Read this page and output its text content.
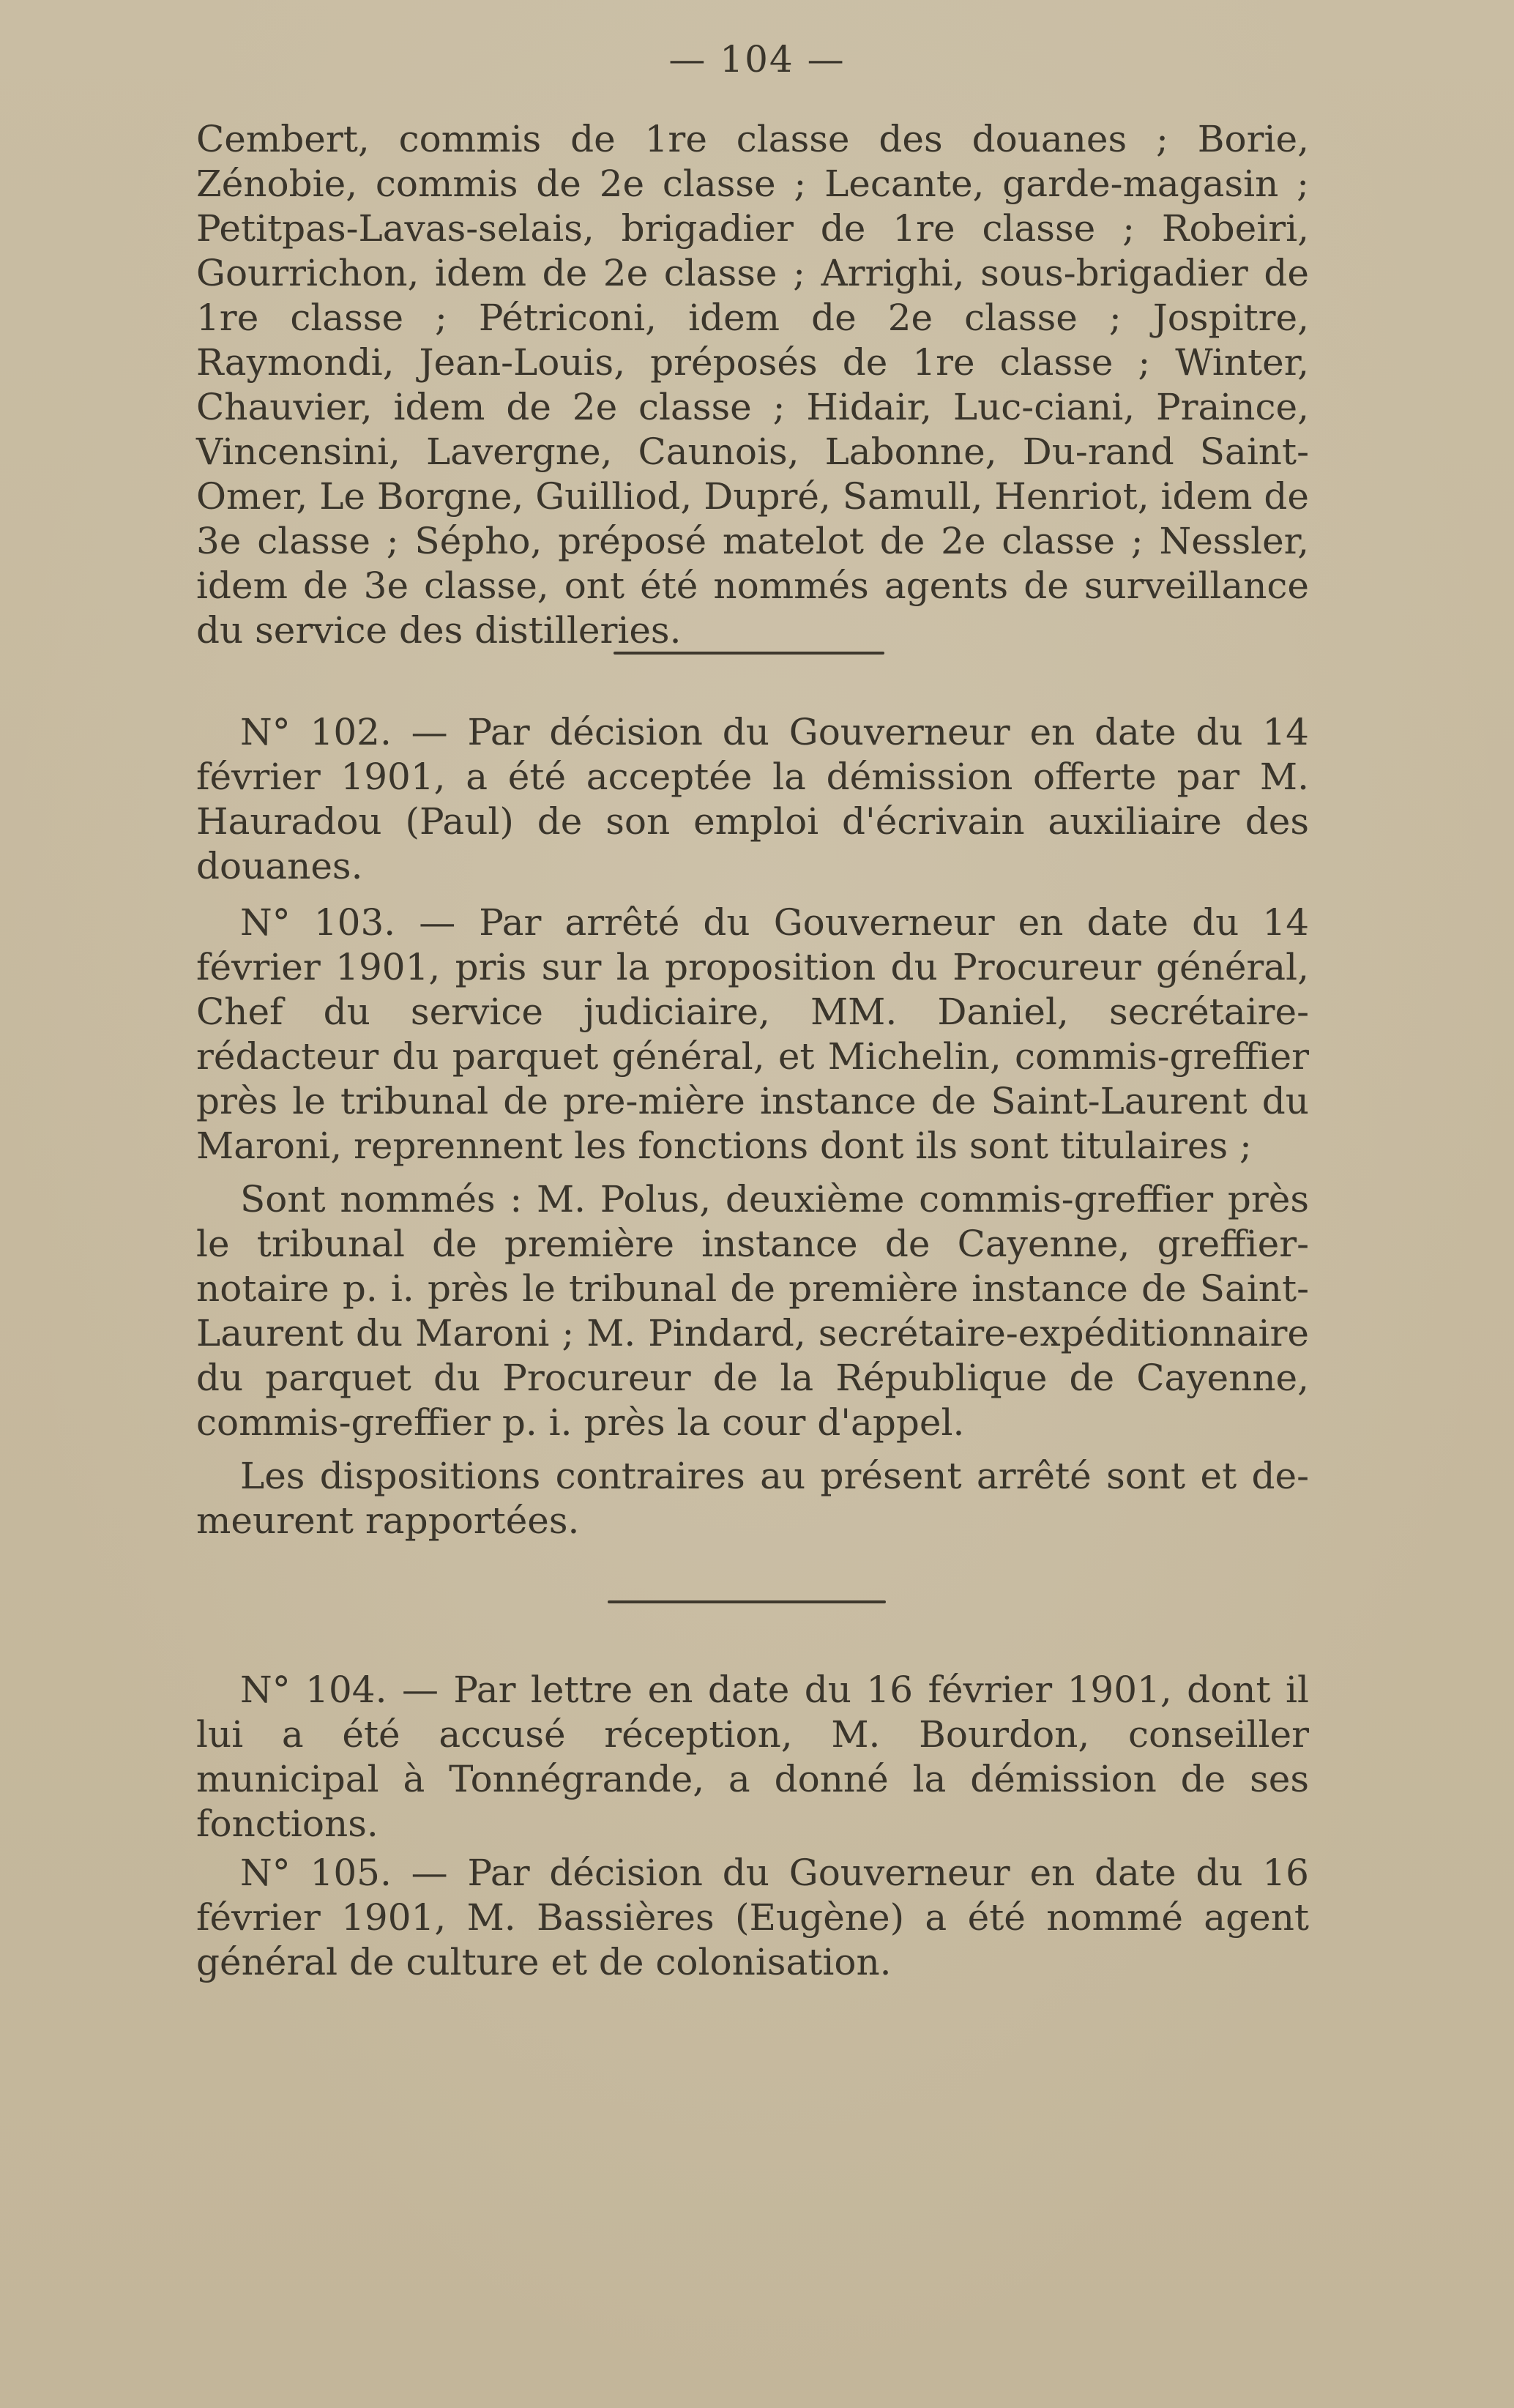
— 104 —

Cembert, commis de 1re classe des douanes ; Borie, Zénobie, commis de 2e classe ; Lecante, garde-magasin ; Petitpas-Lavas-selais, brigadier de 1re classe ; Robeiri, Gourrichon, idem de 2e classe ; Arrighi, sous-brigadier de 1re classe ; Pétriconi, idem de 2e classe ; Jospitre, Raymondi, Jean-Louis, préposés de 1re classe ; Winter, Chauvier, idem de 2e classe ; Hidair, Luc-ciani, Praince, Vincensini, Lavergne, Caunois, Labonne, Du-rand Saint-Omer, Le Borgne, Guilliod, Dupré, Samull, Henriot, idem de 3e classe ; Sépho, préposé matelot de 2e classe ; Nessler, idem de 3e classe, ont été nommés agents de surveillance du service des distilleries.

N° 102. — Par décision du Gouverneur en date du 14 février 1901, a été acceptée la démission offerte par M. Hauradou (Paul) de son emploi d'écrivain auxiliaire des douanes.

N° 103. — Par arrêté du Gouverneur en date du 14 février 1901, pris sur la proposition du Procureur général, Chef du service judiciaire, MM. Daniel, secrétaire-rédacteur du parquet général, et Michelin, commis-greffier près le tribunal de pre-mière instance de Saint-Laurent du Maroni, reprennent les fonctions dont ils sont titulaires ;

Sont nommés : M. Polus, deuxième commis-greffier près le tribunal de première instance de Cayenne, greffier-notaire p. i. près le tribunal de première instance de Saint-Laurent du Maroni ; M. Pindard, secrétaire-expéditionnaire du parquet du Procureur de la République de Cayenne, commis-greffier p. i. près la cour d'appel.

Les dispositions contraires au présent arrêté sont et de-meurent rapportées.

N° 104. — Par lettre en date du 16 février 1901, dont il lui a été accusé réception, M. Bourdon, conseiller municipal à Tonnégrande, a donné la démission de ses fonctions.

N° 105. — Par décision du Gouverneur en date du 16 février 1901, M. Bassières (Eugène) a été nommé agent général de culture et de colonisation.
